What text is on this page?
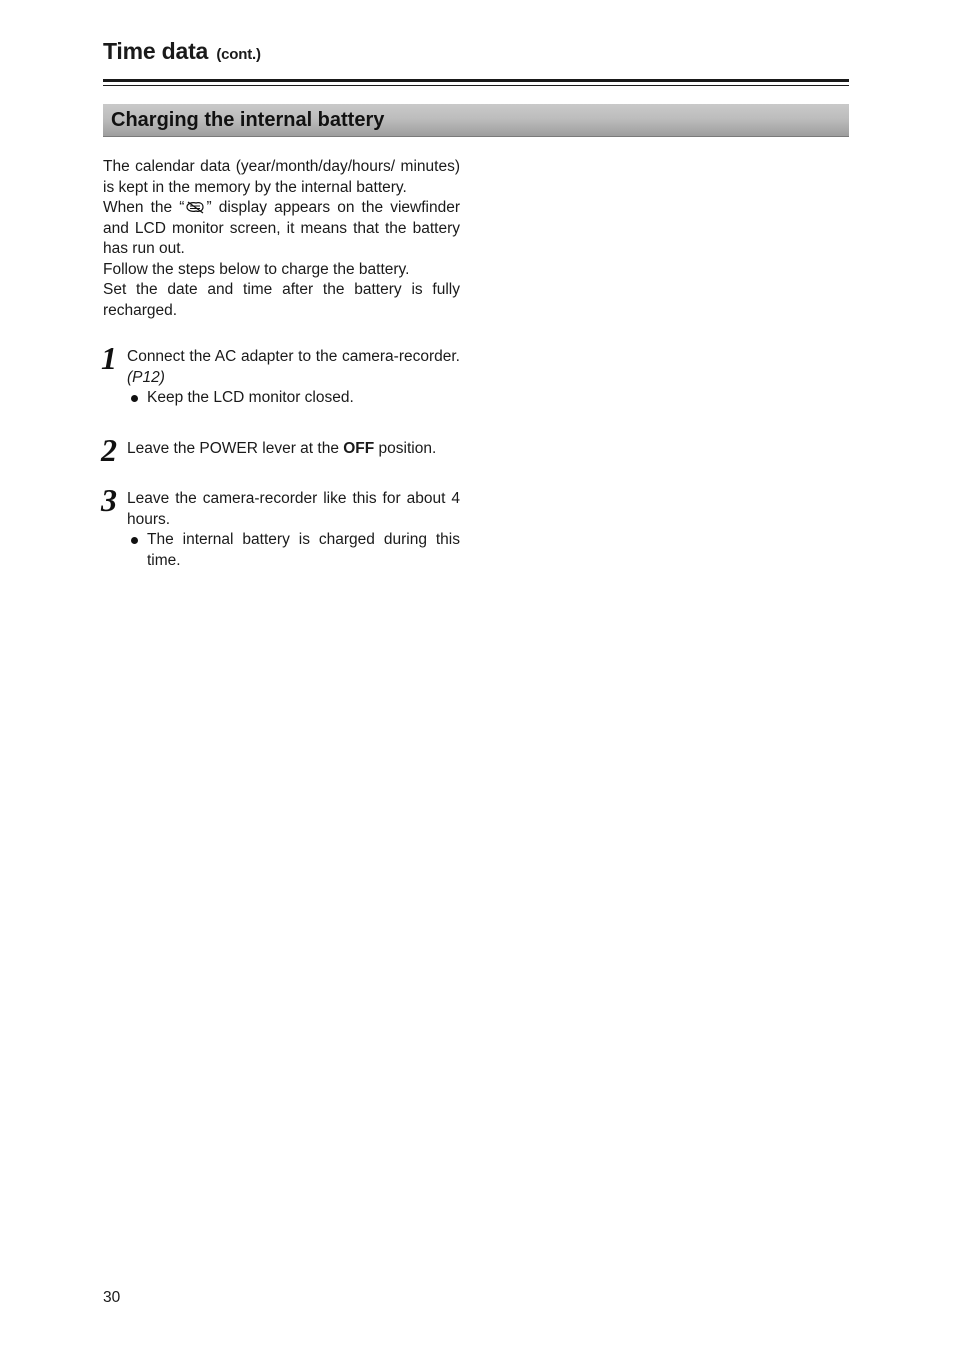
Time data (cont.)
Charging the internal battery

The calendar data (year/month/day/hours/ minutes) is kept in the memory by the internal battery.

When the “ ” display appears on the viewfinder and LCD monitor screen, it means that the battery has run out.

Follow the steps below to charge the battery.

Set the date and time after the battery is fully recharged.

1 Connect the AC adapter to the camera-recorder. (P12)

Keep the LCD monitor closed.

2 Leave the POWER lever at the OFF position.

3 Leave the camera-recorder like this for about 4 hours.

The internal battery is charged during this time.

30
